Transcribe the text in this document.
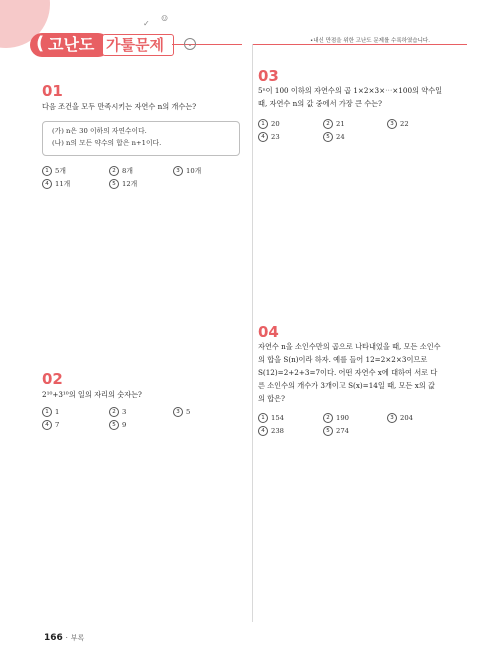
( 고난도 가툴문제
✓
☺
⌄	•내신 만점을 위한 고난도 문제를 수록하였습니다.
01
다음 조건을 모두 만족시키는 자연수 n의 개수는?
(가) n은 30 이하의 자연수이다.
(나) n의 모든 약수의 합은 n+1이다.
1 5개	2 8개	3 10개
4 11개	5 12개
02
2¹⁰+3¹⁰의 일의 자리의 숫자는?
1 1	2 3	3 5
4 7	5 9
03
5ⁿ이 100 이하의 자연수의 곱 1×2×3×⋯×100의 약수일
때, 자연수 n의 값 중에서 가장 큰 수는?
1 20	2 21	3 22
4 23	5 24
04
자연수 n을 소인수만의 곱으로 나타내었을 때, 모든 소인수
의 합을 S(n)이라 하자. 예를 들어 12=2×2×3이므로
S(12)=2+2+3=7이다. 어떤 자연수 x에 대하여 서로 다
른 소인수의 개수가 3개이고 S(x)=14일 때, 모든 x의 값
의 합은?
1 154	2 190	3 204
4 238	5 274
166 · 부록
